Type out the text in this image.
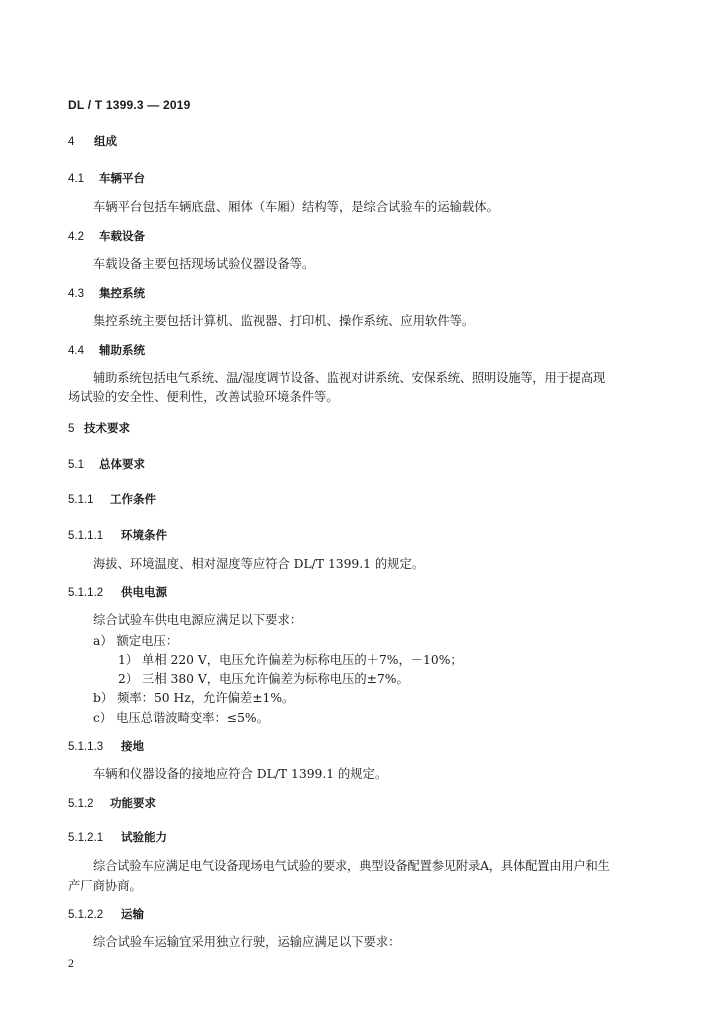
DL / T 1399.3 — 2019
4 组成
4.1 车辆平台
车辆平台包括车辆底盘、厢体（车厢）结构等，是综合试验车的运输载体。
4.2 车载设备
车载设备主要包括现场试验仪器设备等。
4.3 集控系统
集控系统主要包括计算机、监视器、打印机、操作系统、应用软件等。
4.4 辅助系统
辅助系统包括电气系统、温/湿度调节设备、监视对讲系统、安保系统、照明设施等，用于提高现
场试验的安全性、便利性，改善试验环境条件等。
5 技术要求
5.1 总体要求
5.1.1 工作条件
5.1.1.1 环境条件
海拔、环境温度、相对湿度等应符合 DL/T 1399.1 的规定。
5.1.1.2 供电电源
综合试验车供电电源应满足以下要求：
a） 额定电压：
1） 单相 220 V，电压允许偏差为标称电压的＋7%，－10%；
2） 三相 380 V，电压允许偏差为标称电压的±7%。
b） 频率：50 Hz，允许偏差±1%。
c） 电压总谐波畸变率：≤5%。
5.1.1.3 接地
车辆和仪器设备的接地应符合 DL/T 1399.1 的规定。
5.1.2 功能要求
5.1.2.1 试验能力
综合试验车应满足电气设备现场电气试验的要求，典型设备配置参见附录A，具体配置由用户和生
产厂商协商。
5.1.2.2 运输
综合试验车运输宜采用独立行驶，运输应满足以下要求：
2
